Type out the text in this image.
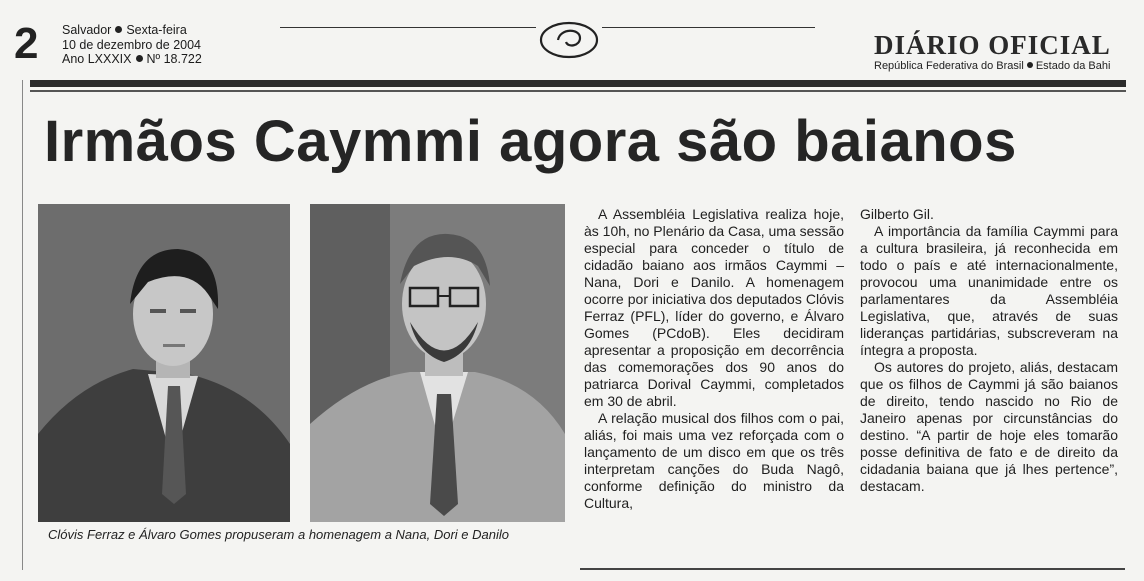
2 Salvador Sexta-feira
10 de dezembro de 2004
Ano LXXXIX Nº 18.722	DIÁRIO OFICIAL
República Federativa do Brasil Estado da Bahi
Irmãos Caymmi agora são baianos
Clóvis Ferraz e Álvaro Gomes propuseram a homenagem a Nana, Dori e Danilo

A Assembléia Legislativa realiza hoje, às 10h, no Plenário da Casa, uma sessão especial para conceder o título de cidadão baiano aos irmãos Caymmi – Nana, Dori e Danilo. A homenagem ocorre por iniciativa dos deputados Clóvis Ferraz (PFL), líder do governo, e Álvaro Gomes (PCdoB). Eles decidiram apresentar a proposição em decorrência das comemorações dos 90 anos do patriarca Dorival Caymmi, completados em 30 de abril.

A relação musical dos filhos com o pai, aliás, foi mais uma vez reforçada com o lançamento de um disco em que os três interpretam canções do Buda Nagô, conforme definição do ministro da Cultura,

Gilberto Gil.

A importância da família Caymmi para a cultura brasileira, já reconhecida em todo o país e até internacionalmente, provocou uma unanimidade entre os parlamentares da Assembléia Legislativa, que, através de suas lideranças partidárias, subscreveram na íntegra a proposta.

Os autores do projeto, aliás, destacam que os filhos de Caymmi já são baianos de direito, tendo nascido no Rio de Janeiro apenas por circunstâncias do destino. “A partir de hoje eles tomarão posse definitiva de fato e de direito da cidadania baiana que já lhes pertence”, destacam.
